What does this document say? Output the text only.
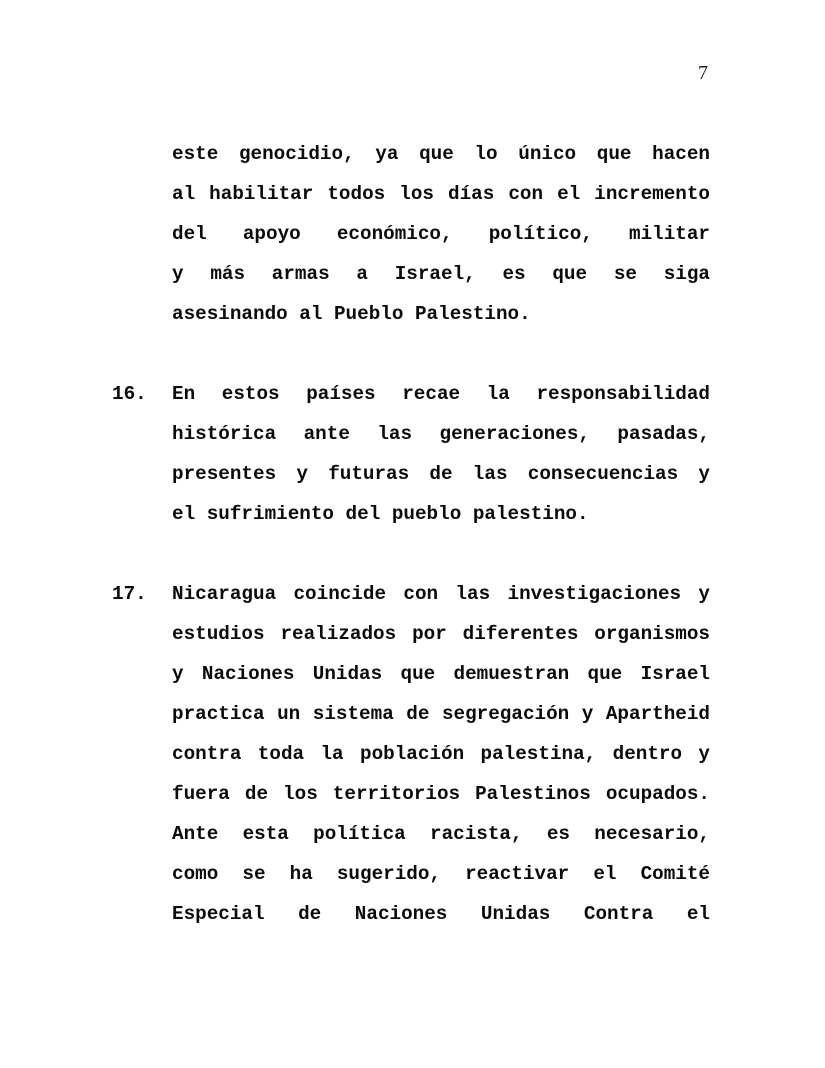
7
este genocidio, ya que lo único que hacen
al habilitar todos los días con el incremento
del apoyo económico, político, militar
y más armas a Israel, es que se siga
asesinando al Pueblo Palestino.
16.	En estos países recae la responsabilidad
histórica ante las generaciones, pasadas,
presentes y futuras de las consecuencias y
el sufrimiento del pueblo palestino.
17.	Nicaragua coincide con las investigaciones y
estudios realizados por diferentes organismos
y Naciones Unidas que demuestran que Israel
practica un sistema de segregación y Apartheid
contra toda la población palestina, dentro y
fuera de los territorios Palestinos ocupados.
Ante esta política racista, es necesario,
como se ha sugerido, reactivar el Comité
Especial de Naciones Unidas Contra el
